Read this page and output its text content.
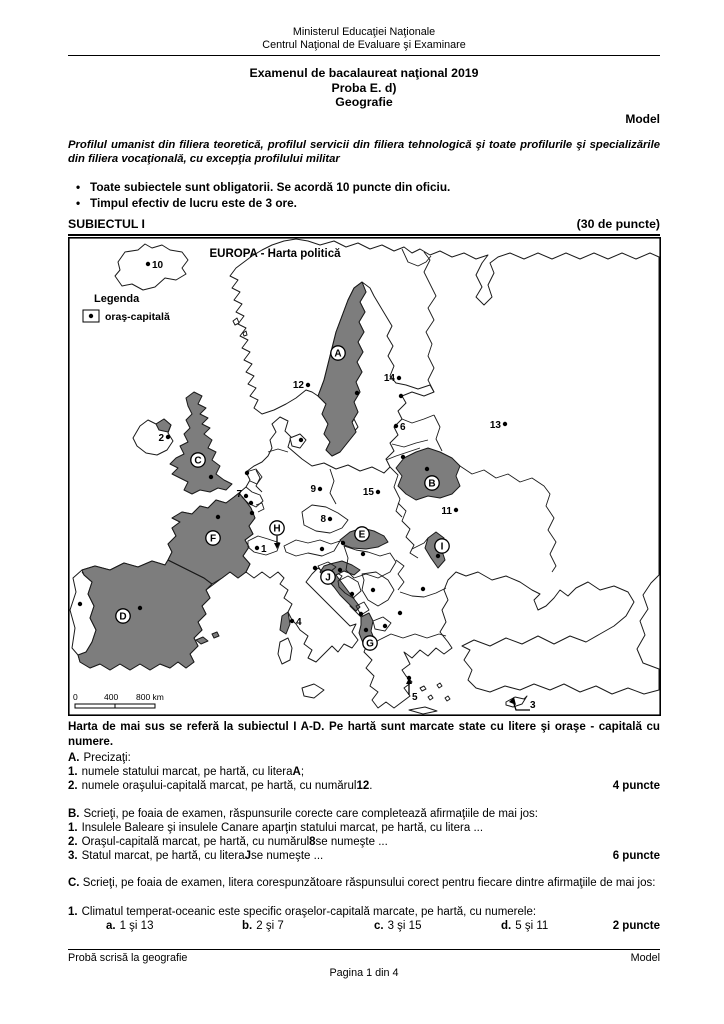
Ministerul Educaţiei Naţionale
Centrul Naţional de Evaluare şi Examinare
Examenul de bacalaureat naţional 2019
Proba E. d)
Geografie
Model
Profilul umanist din filiera teoretică, profilul servicii din filiera tehnologică şi toate profilurile şi specializările din filiera vocaţională, cu excepţia profilului militar
• Toate subiectele sunt obligatorii. Se acordă 10 puncte din oficiu.
• Timpul efectiv de lucru este de 3 ore.
SUBIECTUL I	(30 de puncte)
EUROPA - Harta politică
Legenda
oraş-capitală
0	400 800 km
1
2
3
4
5
6
7
8
9
10
11
12
13
14
15
A
B
C
D
E
F
G
H
I
J
Harta de mai sus se referă la subiectul I A-D. Pe hartă sunt marcate state cu litere şi oraşe - capitală cu numere.
A. Precizaţi:
1. numele statului marcat, pe hartă, cu litera A ;
2. numele oraşului-capitală marcat, pe hartă, cu numărul 12 .	4 puncte
B. Scrieţi, pe foaia de examen, răspunsurile corecte care completează afirmaţiile de mai jos:
1. Insulele Baleare şi insulele Canare aparţin statului marcat, pe hartă, cu litera ...
2. Oraşul-capitală marcat, pe hartă, cu numărul 8 se numeşte ...
3. Statul marcat, pe hartă, cu litera J se numeşte ...	6 puncte
C. Scrieţi, pe foaia de examen, litera corespunzătoare răspunsului corect pentru fiecare dintre afirmaţiile de mai jos:
1. Climatul temperat-oceanic este specific oraşelor-capitală marcate, pe hartă, cu numerele:
a. 1 şi 13	b. 2 şi 7	c. 3 şi 15	d. 5 şi 11	2 puncte
Probă scrisă la geografie	Model
Pagina 1 din 4
